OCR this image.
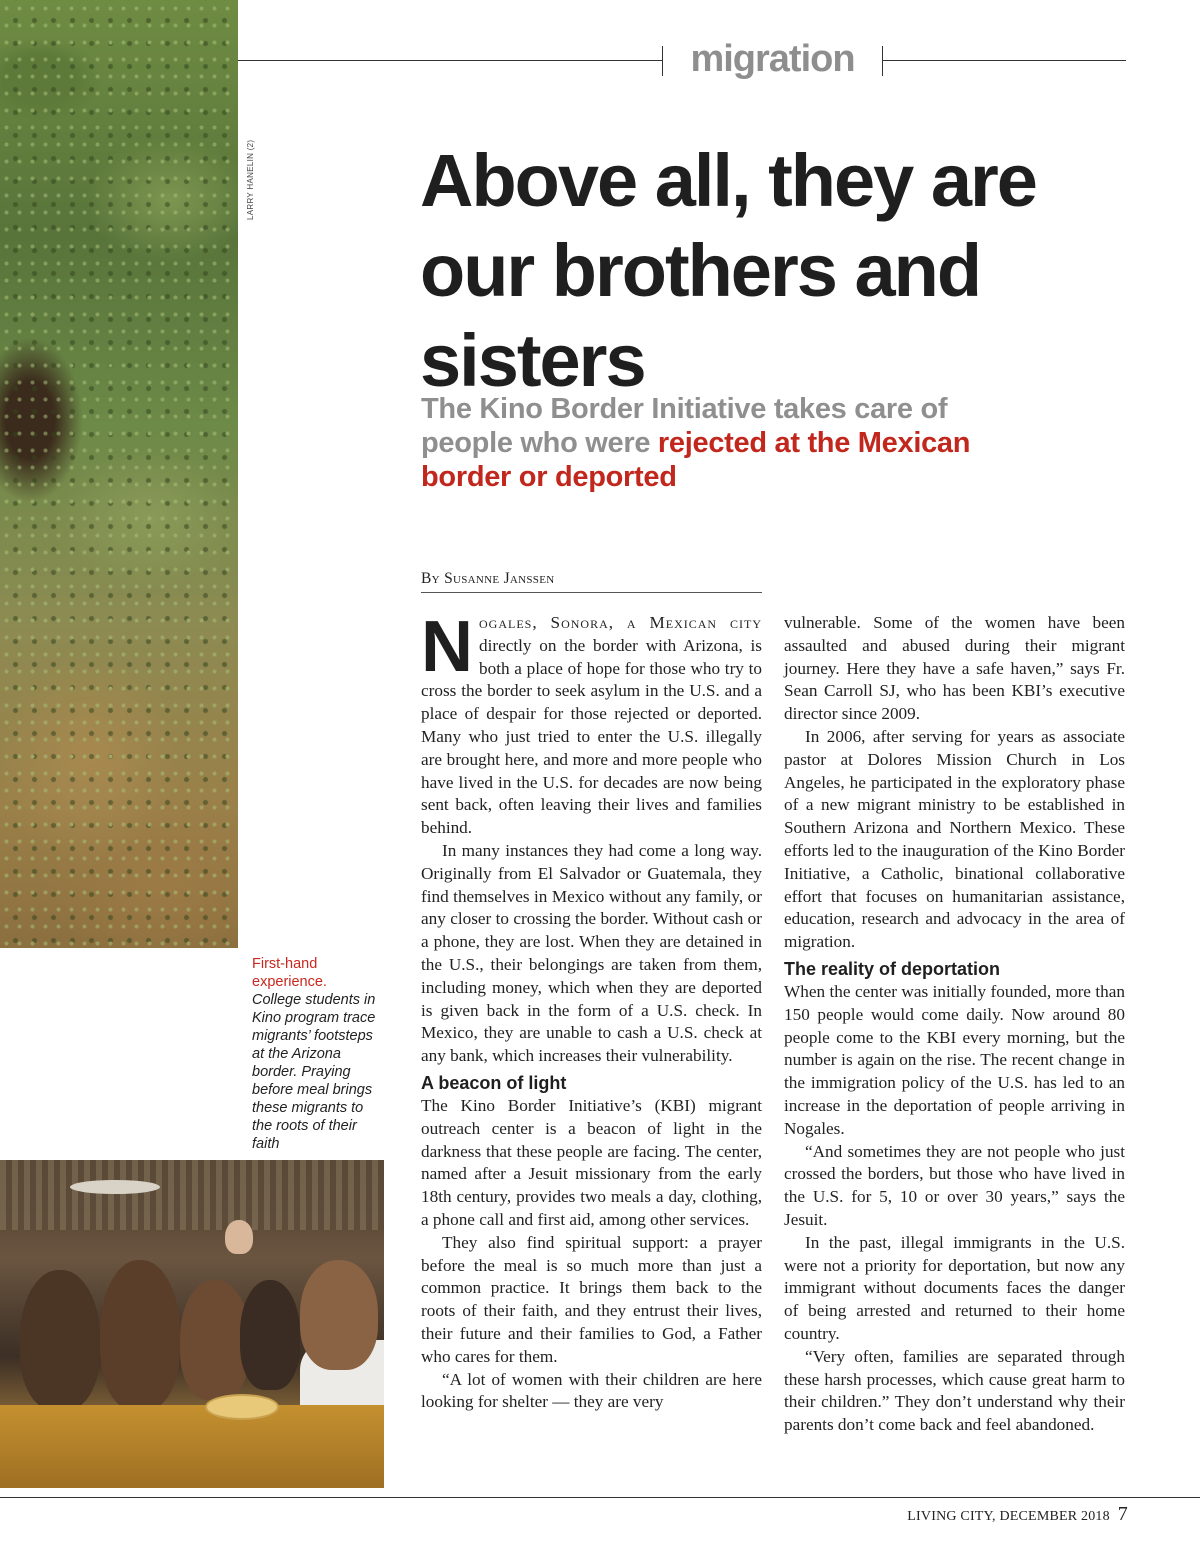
LARRY HANELIN (2)
First-hand experience.
College students in Kino program trace migrants’ footsteps at the Arizona border. Praying before meal brings these migrants to the roots of their faith
migration
Above all, they are our brothers and sisters

The Kino Border Initiative takes care of people who were rejected at the Mexican border or deported

By Susanne Janssen

Nogales, Sonora, a Mexican city directly on the border with Arizona, is both a place of hope for those who try to cross the border to seek asylum in the U.S. and a place of despair for those rejected or deported. Many who just tried to enter the U.S. illegally are brought here, and more and more people who have lived in the U.S. for decades are now being sent back, often leaving their lives and families behind.

In many instances they had come a long way. Originally from El Salvador or Guatemala, they find themselves in Mexico without any family, or any closer to crossing the border. Without cash or a phone, they are lost. When they are detained in the U.S., their belongings are taken from them, including money, which when they are deported is given back in the form of a U.S. check. In Mexico, they are unable to cash a U.S. check at any bank, which increases their vulnerability.

A beacon of light

The Kino Border Initiative’s (KBI) migrant outreach center is a beacon of light in the darkness that these people are facing. The center, named after a Jesuit missionary from the early 18th century, provides two meals a day, clothing, a phone call and first aid, among other services.

They also find spiritual support: a prayer before the meal is so much more than just a common practice. It brings them back to the roots of their faith, and they entrust their lives, their future and their families to God, a Father who cares for them.

“A lot of women with their children are here looking for shelter — they are very

vulnerable. Some of the women have been assaulted and abused during their migrant journey. Here they have a safe haven,” says Fr. Sean Carroll SJ, who has been KBI’s executive director since 2009.

In 2006, after serving for years as associate pastor at Dolores Mission Church in Los Angeles, he participated in the exploratory phase of a new migrant ministry to be established in Southern Arizona and Northern Mexico. These efforts led to the inauguration of the Kino Border Initiative, a Catholic, binational collaborative effort that focuses on humanitarian assistance, education, research and advocacy in the area of migration.

The reality of deportation

When the center was initially founded, more than 150 people would come daily. Now around 80 people come to the KBI every morning, but the number is again on the rise. The recent change in the immigration policy of the U.S. has led to an increase in the deportation of people arriving in Nogales.

“And sometimes they are not people who just crossed the borders, but those who have lived in the U.S. for 5, 10 or over 30 years,” says the Jesuit.

In the past, illegal immigrants in the U.S. were not a priority for deportation, but now any immigrant without documents faces the danger of being arrested and returned to their home country.

“Very often, families are separated through these harsh processes, which cause great harm to their children.” They don’t understand why their parents don’t come back and feel abandoned.

LIVING CITY, DECEMBER 2018 7
